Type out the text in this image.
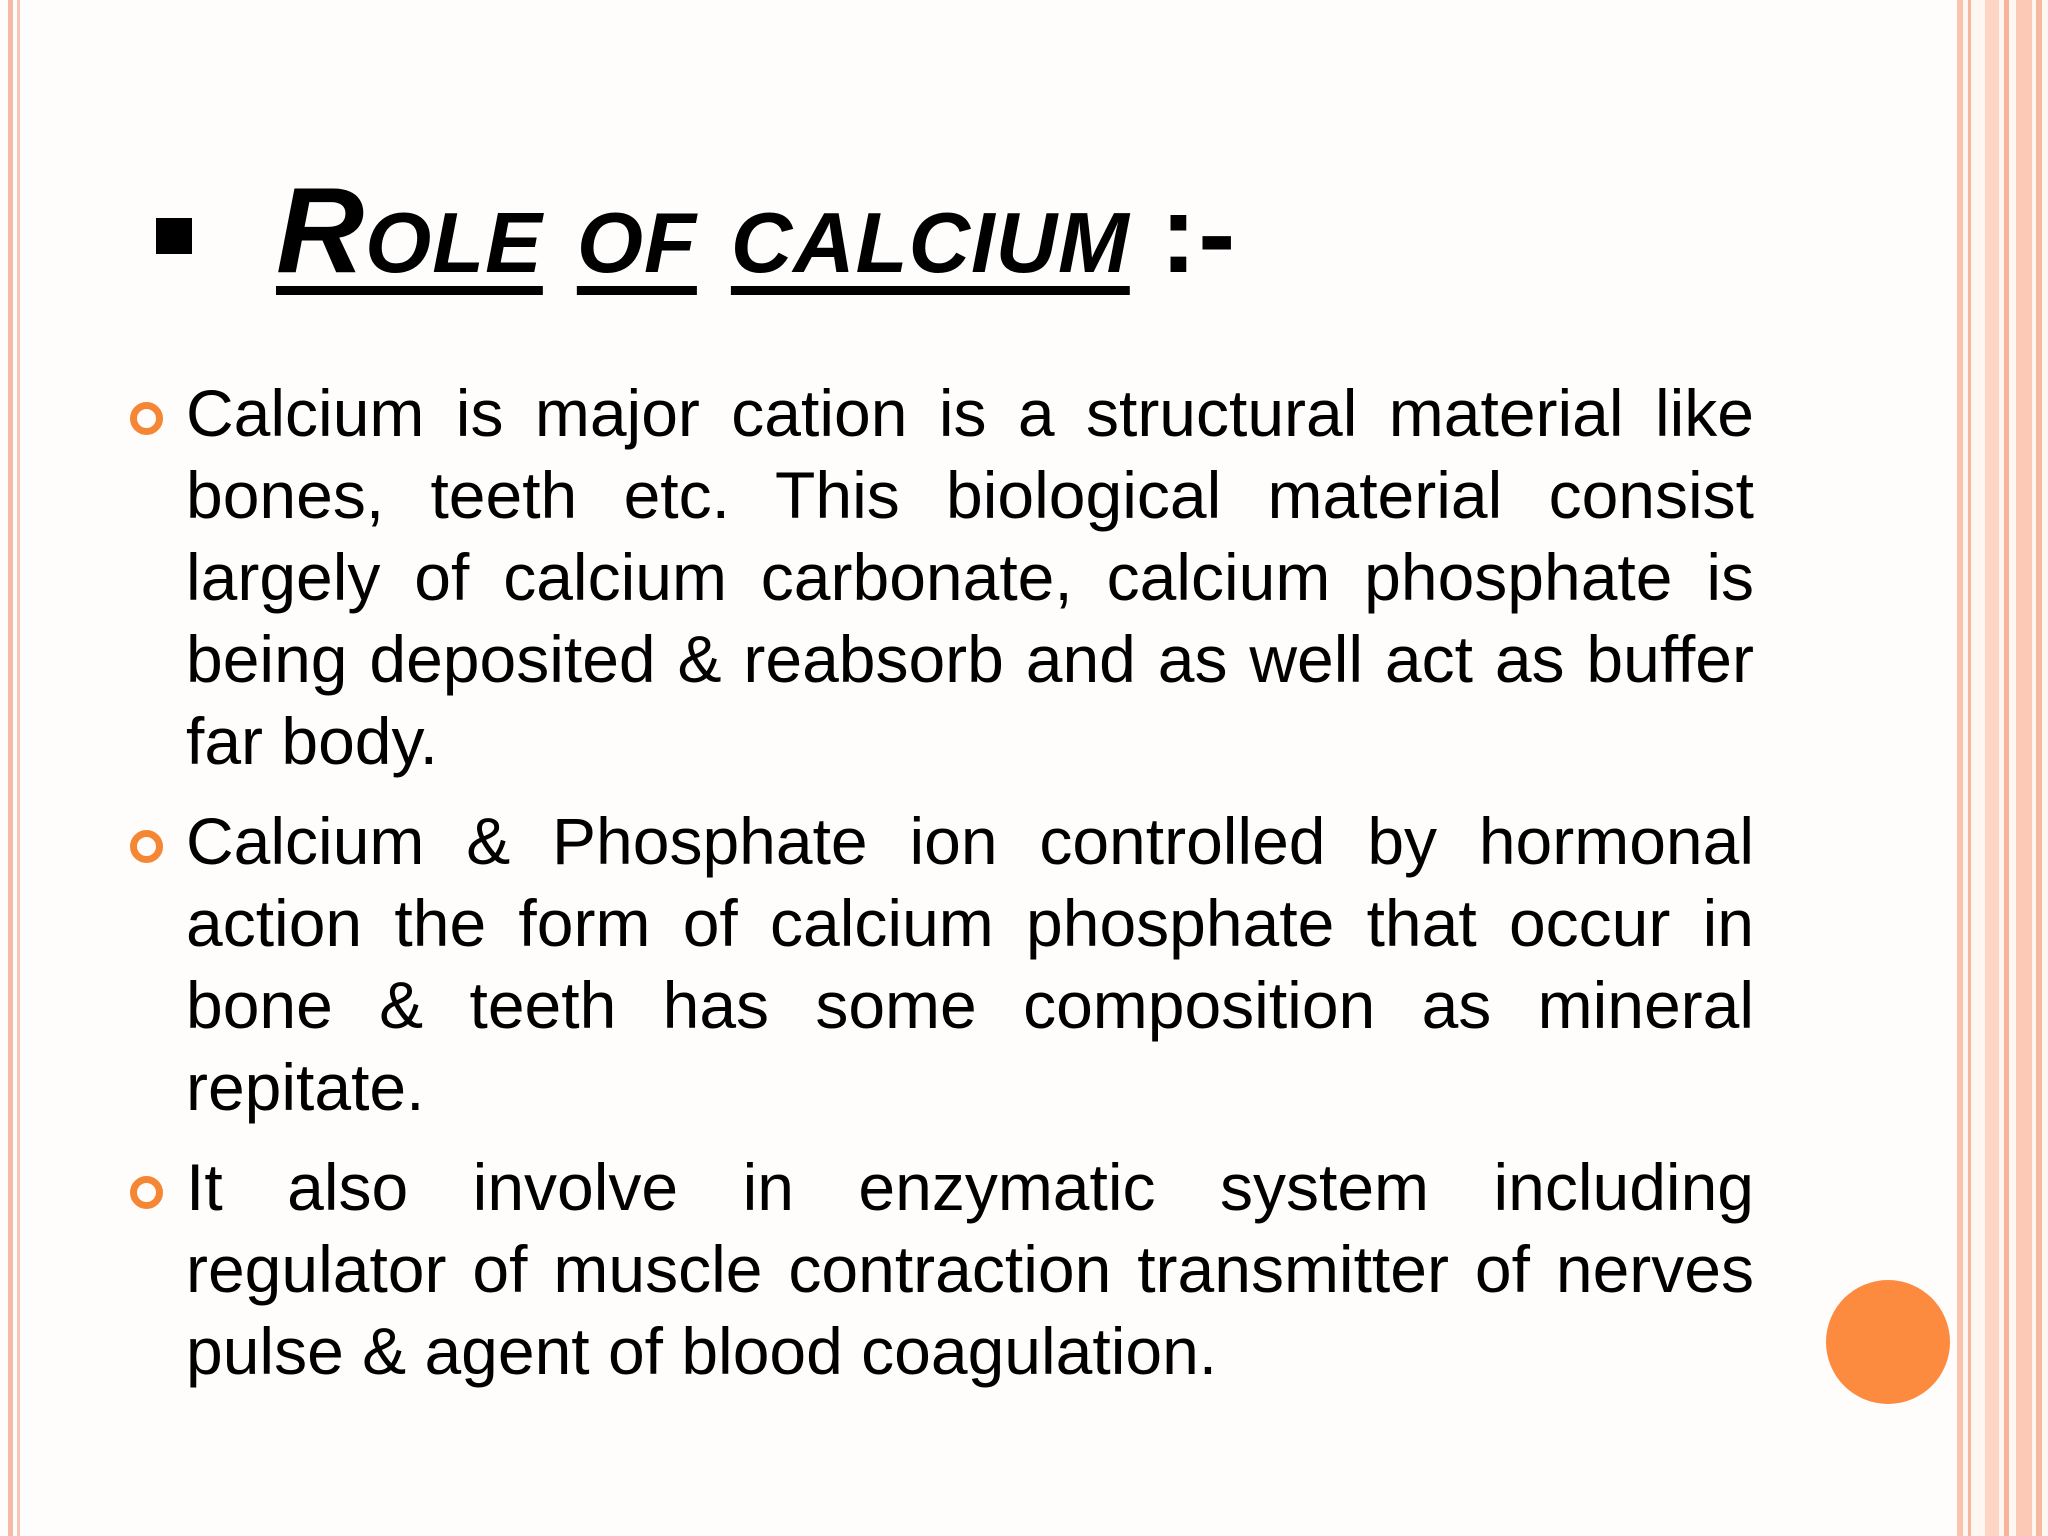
Role of calcium :-
Calcium is major cation is a structural material like bones, teeth etc. This biological material consist largely of calcium carbonate, calcium phosphate is being deposited & reabsorb and as well act as buffer far body.
Calcium & Phosphate ion controlled by hormonal action the form of calcium phosphate that occur in bone & teeth has some composition as mineral repitate.
It also involve in enzymatic system including regulator of muscle contraction transmitter of nerves pulse & agent of blood coagulation.
